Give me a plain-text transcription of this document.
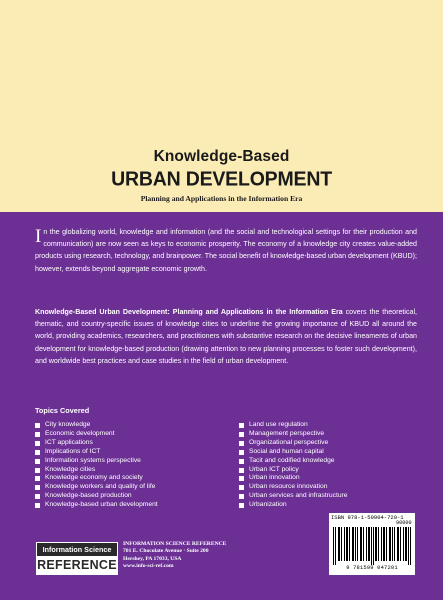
Knowledge-Based
URBAN DEVELOPMENT
Planning and Applications in the Information Era
In the globalizing world, knowledge and information (and the social and technological settings for their production and communication) are now seen as keys to economic prosperity. The economy of a knowledge city creates value-added products using research, technology, and brainpower. The social benefit of knowledge-based urban development (KBUD); however, extends beyond aggregate economic growth.
Knowledge-Based Urban Development: Planning and Applications in the Information Era covers the theoretical, thematic, and country-specific issues of knowledge cities to underline the growing importance of KBUD all around the world, providing academics, researchers, and practitioners with substantive research on the decisive lineaments of urban development for knowledge-based production (drawing attention to new planning processes to foster such development), and worldwide best practices and case studies in the field of urban development.
Topics Covered
City knowledge
Economic development
ICT applications
Implications of ICT
Information systems perspective
Knowledge cities
Knowledge economy and society
Knowledge workers and quality of life
Knowledge-based production
Knowledge-based urban development
Land use regulation
Management perspective
Organizational perspective
Social and human capital
Tacit and codified knowledge
Urban ICT policy
Urban innovation
Urban resource innovation
Urban services and infrastructure
Urbanization
Information Science
REFERENCE
INFORMATION SCIENCE REFERENCE
701 E. Chocolate Avenue · Suite 200
Hershey, PA 17033, USA
www.info-sci-ref.com
ISBN 978-1-59904-720-1
90000
9 781599 047201
